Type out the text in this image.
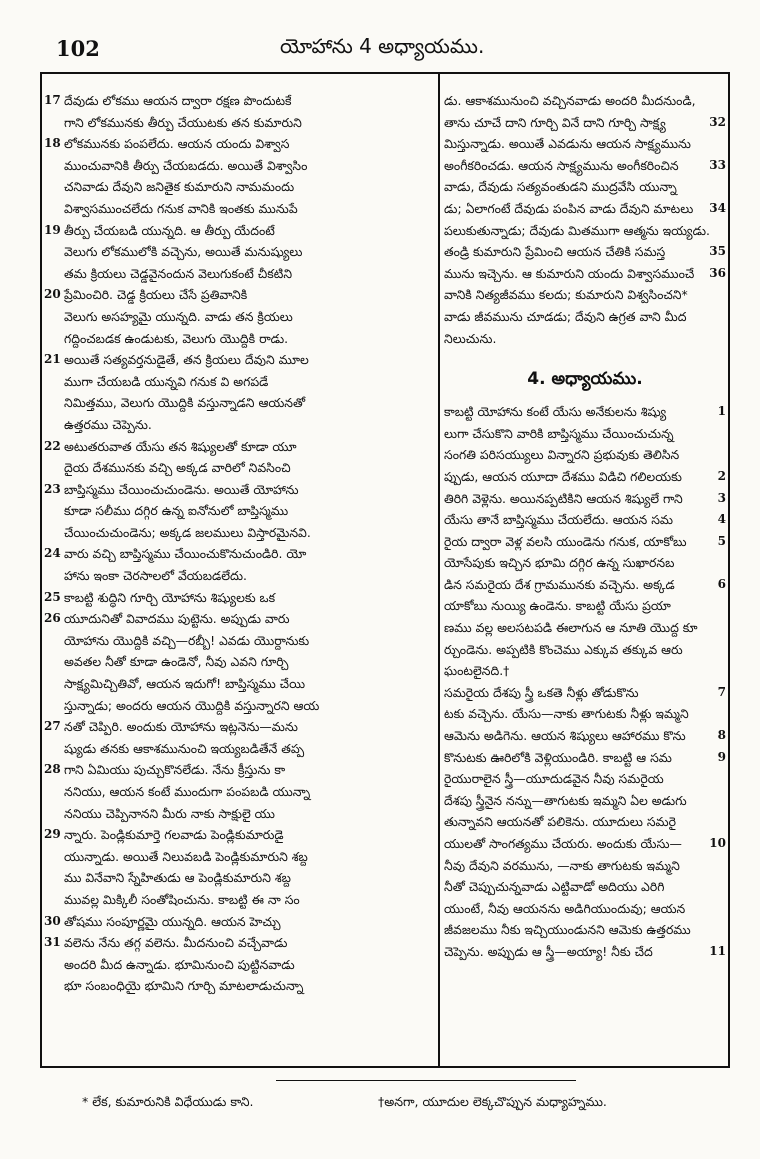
102	యోహాను 4 అధ్యాయము.
17 దేవుడు లోకము ఆయన ద్వారా రక్షణ పొందుటకే
గాని లోకమునకు తీర్పు చేయుటకు తన కుమారుని
18 లోకమునకు పంపలేదు. ఆయన యందు విశ్వాస
ముంచువానికి తీర్పు చేయబడదు. అయితే విశ్వాసిం
చనివాడు దేవుని జనితైక కుమారుని నామమందు
విశ్వాసముంచలేదు గనుక వానికి ఇంతకు మునుపే
19 తీర్పు చేయబడి యున్నది. ఆ తీర్పు యేదంటే
వెలుగు లోకములోకి వచ్చెను, అయితే మనుష్యులు
తమ క్రియలు చెడ్డవైనందున వెలుగుకంటే చీకటిని
20 ప్రేమించిరి. చెడ్డ క్రియలు చేసే ప్రతివానికి
వెలుగు అసహ్యమై యున్నది. వాడు తన క్రియలు
గద్దించబడక ఉండుటకు, వెలుగు యొద్దికి రాడు.
21 అయితే సత్యవర్తనుడైతే, తన క్రియలు దేవుని మూల
ముగా చేయబడి యున్నవి గనుక వి అగపడే
నిమిత్తము, వెలుగు యొద్దికి వస్తున్నాడని ఆయనతో
ఉత్తరము చెప్పెను.
22 అటుతరువాత యేసు తన శిష్యులతో కూడా యూ
దైయ దేశమునకు వచ్చి అక్కడ వారిలో నివసించి
23 బాప్తిస్మము చేయించుచుండెను. అయితే యోహాను
కూడా సలీము దగ్గిర ఉన్న ఐనోనులో బాప్తిస్మము
చేయించుచుండెను; అక్కడ జలములు విస్తారమైనవి.
24 వారు వచ్చి బాప్తిస్మము చేయించుకొనుచుండిరి. యో
హాను ఇంకా చెరసాలలో వేయబడలేదు.
25 కాబట్టి శుద్ధిని గూర్చి యోహాను శిష్యులకు ఒక
26 యూదునితో వివాదము పుట్టెను. అప్పుడు వారు
యోహాను యొద్దికి వచ్చి—రబ్బీ! ఎవడు యొర్దానుకు
అవతల నీతో కూడా ఉండెనో, నీవు ఎవని గూర్చి
సాక్ష్యమిచ్చితివో, ఆయన ఇదుగో! బాప్తిస్మము చేయి
స్తున్నాడు; అందరు ఆయన యొద్దికి వస్తున్నారని ఆయ
27 నతో చెప్పిరి. అందుకు యోహాను ఇట్లనెను—మను
ష్యుడు తనకు ఆకాశమునుంచి ఇయ్యబడితేనే తప్ప
28 గాని ఏమియు పుచ్చుకొనలేడు. నేను క్రీస్తును కా
ననియు, ఆయన కంటే ముందుగా పంపబడి యున్నా
ననియు చెప్పినానని మీరు నాకు సాక్షులై యు
29 న్నారు. పెండ్లికుమార్తె గలవాడు పెండ్లికుమారుడై
యున్నాడు. అయితే నిలువబడి పెండ్లికుమారుని శబ్ద
ము వినేవాని స్నేహితుడు ఆ పెండ్లికుమారుని శబ్ద
మువల్ల మిక్కిలీ సంతోషించును. కాబట్టి ఈ నా సం
30 తోషము సంపూర్ణమై యున్నది. ఆయన హెచ్చు
31 వలెను నేను తగ్గ వలెను. మీదనుంచి వచ్చేవాడు
అందరి మీద ఉన్నాడు. భూమినుంచి పుట్టినవాడు
భూ సంబంధియై భూమిని గూర్చి మాటలాడుచున్నా
డు. ఆకాశమునుంచి వచ్చినవాడు అందరి మీదనుండి,
తాను చూచే దాని గూర్చి వినే దాని గూర్చి సాక్ష్య	32
మిస్తున్నాడు. అయితే ఎవడును ఆయన సాక్ష్యమును
అంగీకరించడు. ఆయన సాక్ష్యమును అంగీకరించిన	33
వాడు, దేవుడు సత్యవంతుడని ముద్రవేసి యున్నా
డు; ఏలాగంటే దేవుడు పంపిన వాడు దేవుని మాటలు	34
పలుకుతున్నాడు; దేవుడు మితముగా ఆత్మను ఇయ్యడు.
తండ్రి కుమారుని ప్రేమించి ఆయన చేతికి సమస్త	35
మును ఇచ్చెను. ఆ కుమారుని యందు విశ్వాసముంచే	36
వానికి నిత్యజీవము కలదు; కుమారుని విశ్వసించని*
వాడు జీవమును చూడడు; దేవుని ఉగ్రత వాని మీద
నిలుచును.
4. అధ్యాయము.
కాబట్టి యోహాను కంటే యేసు అనేకులను శిష్యు	1
లుగా చేసుకొని వారికి బాప్తిస్మము చేయించుచున్న
సంగతి పరిసయ్యులు విన్నారని ప్రభువుకు తెలిసిన
ప్పుడు, ఆయన యూదా దేశము విడిచి గలిలయకు	2
తిరిగి వెళ్లెను. అయినప్పటికిని ఆయన శిష్యులే గాని	3
యేసు తానే బాప్తిస్మము చేయలేదు. ఆయన సమ	4
రైయ ద్వారా వెళ్ల వలసి యుండెను గనుక, యాకోబు	5
యోసేపుకు ఇచ్చిన భూమి దగ్గిర ఉన్న సుఖారనబ
డిన సమరైయ దేశ గ్రామమునకు వచ్చెను. అక్కడ	6
యాకోబు నుయ్యి ఉండెను. కాబట్టి యేసు ప్రయా
ణము వల్ల అలసటపడి ఈలాగున ఆ నూతి యొద్ద కూ
ర్చుండెను. అప్పటికి కొంచెము ఎక్కువ తక్కువ ఆరు
ఘంటలైనది.†
సమరైయ దేశపు స్త్రీ ఒకతె నీళ్లు తోడుకొను	7
టకు వచ్చెను. యేసు—నాకు తాగుటకు నీళ్లు ఇమ్మని
ఆమెను అడిగెను. ఆయన శిష్యులు ఆహారము కొను	8
కొనుటకు ఊరిలోకి వెళ్లియుండిరి. కాబట్టి ఆ సమ	9
రైయురాలైన స్త్రీ—యూదుడవైన నీవు సమరైయ
దేశపు స్త్రీనైన నన్ను—తాగుటకు ఇమ్మని ఏల అడుగు
తున్నావని ఆయనతో పలికెను. యూదులు సమరై
యులతో సాంగత్యము చేయరు. అందుకు యేసు—	10
నీవు దేవుని వరమును, —నాకు తాగుటకు ఇమ్మని
నీతో చెప్పుచున్నవాడు ఎట్టివాడో అదియు ఎరిగి
యుంటే, నీవు ఆయనను అడిగియుందువు; ఆయన
జీవజలము నీకు ఇచ్చియుండునని ఆమెకు ఉత్తరము
చెప్పెను. అప్పుడు ఆ స్త్రీ—అయ్యా! నీకు చేద	11
* లేక, కుమారునికి విధేయుడు కాని.	†అనగా, యూదుల లెక్కచొప్పున మధ్యాహ్నము.
